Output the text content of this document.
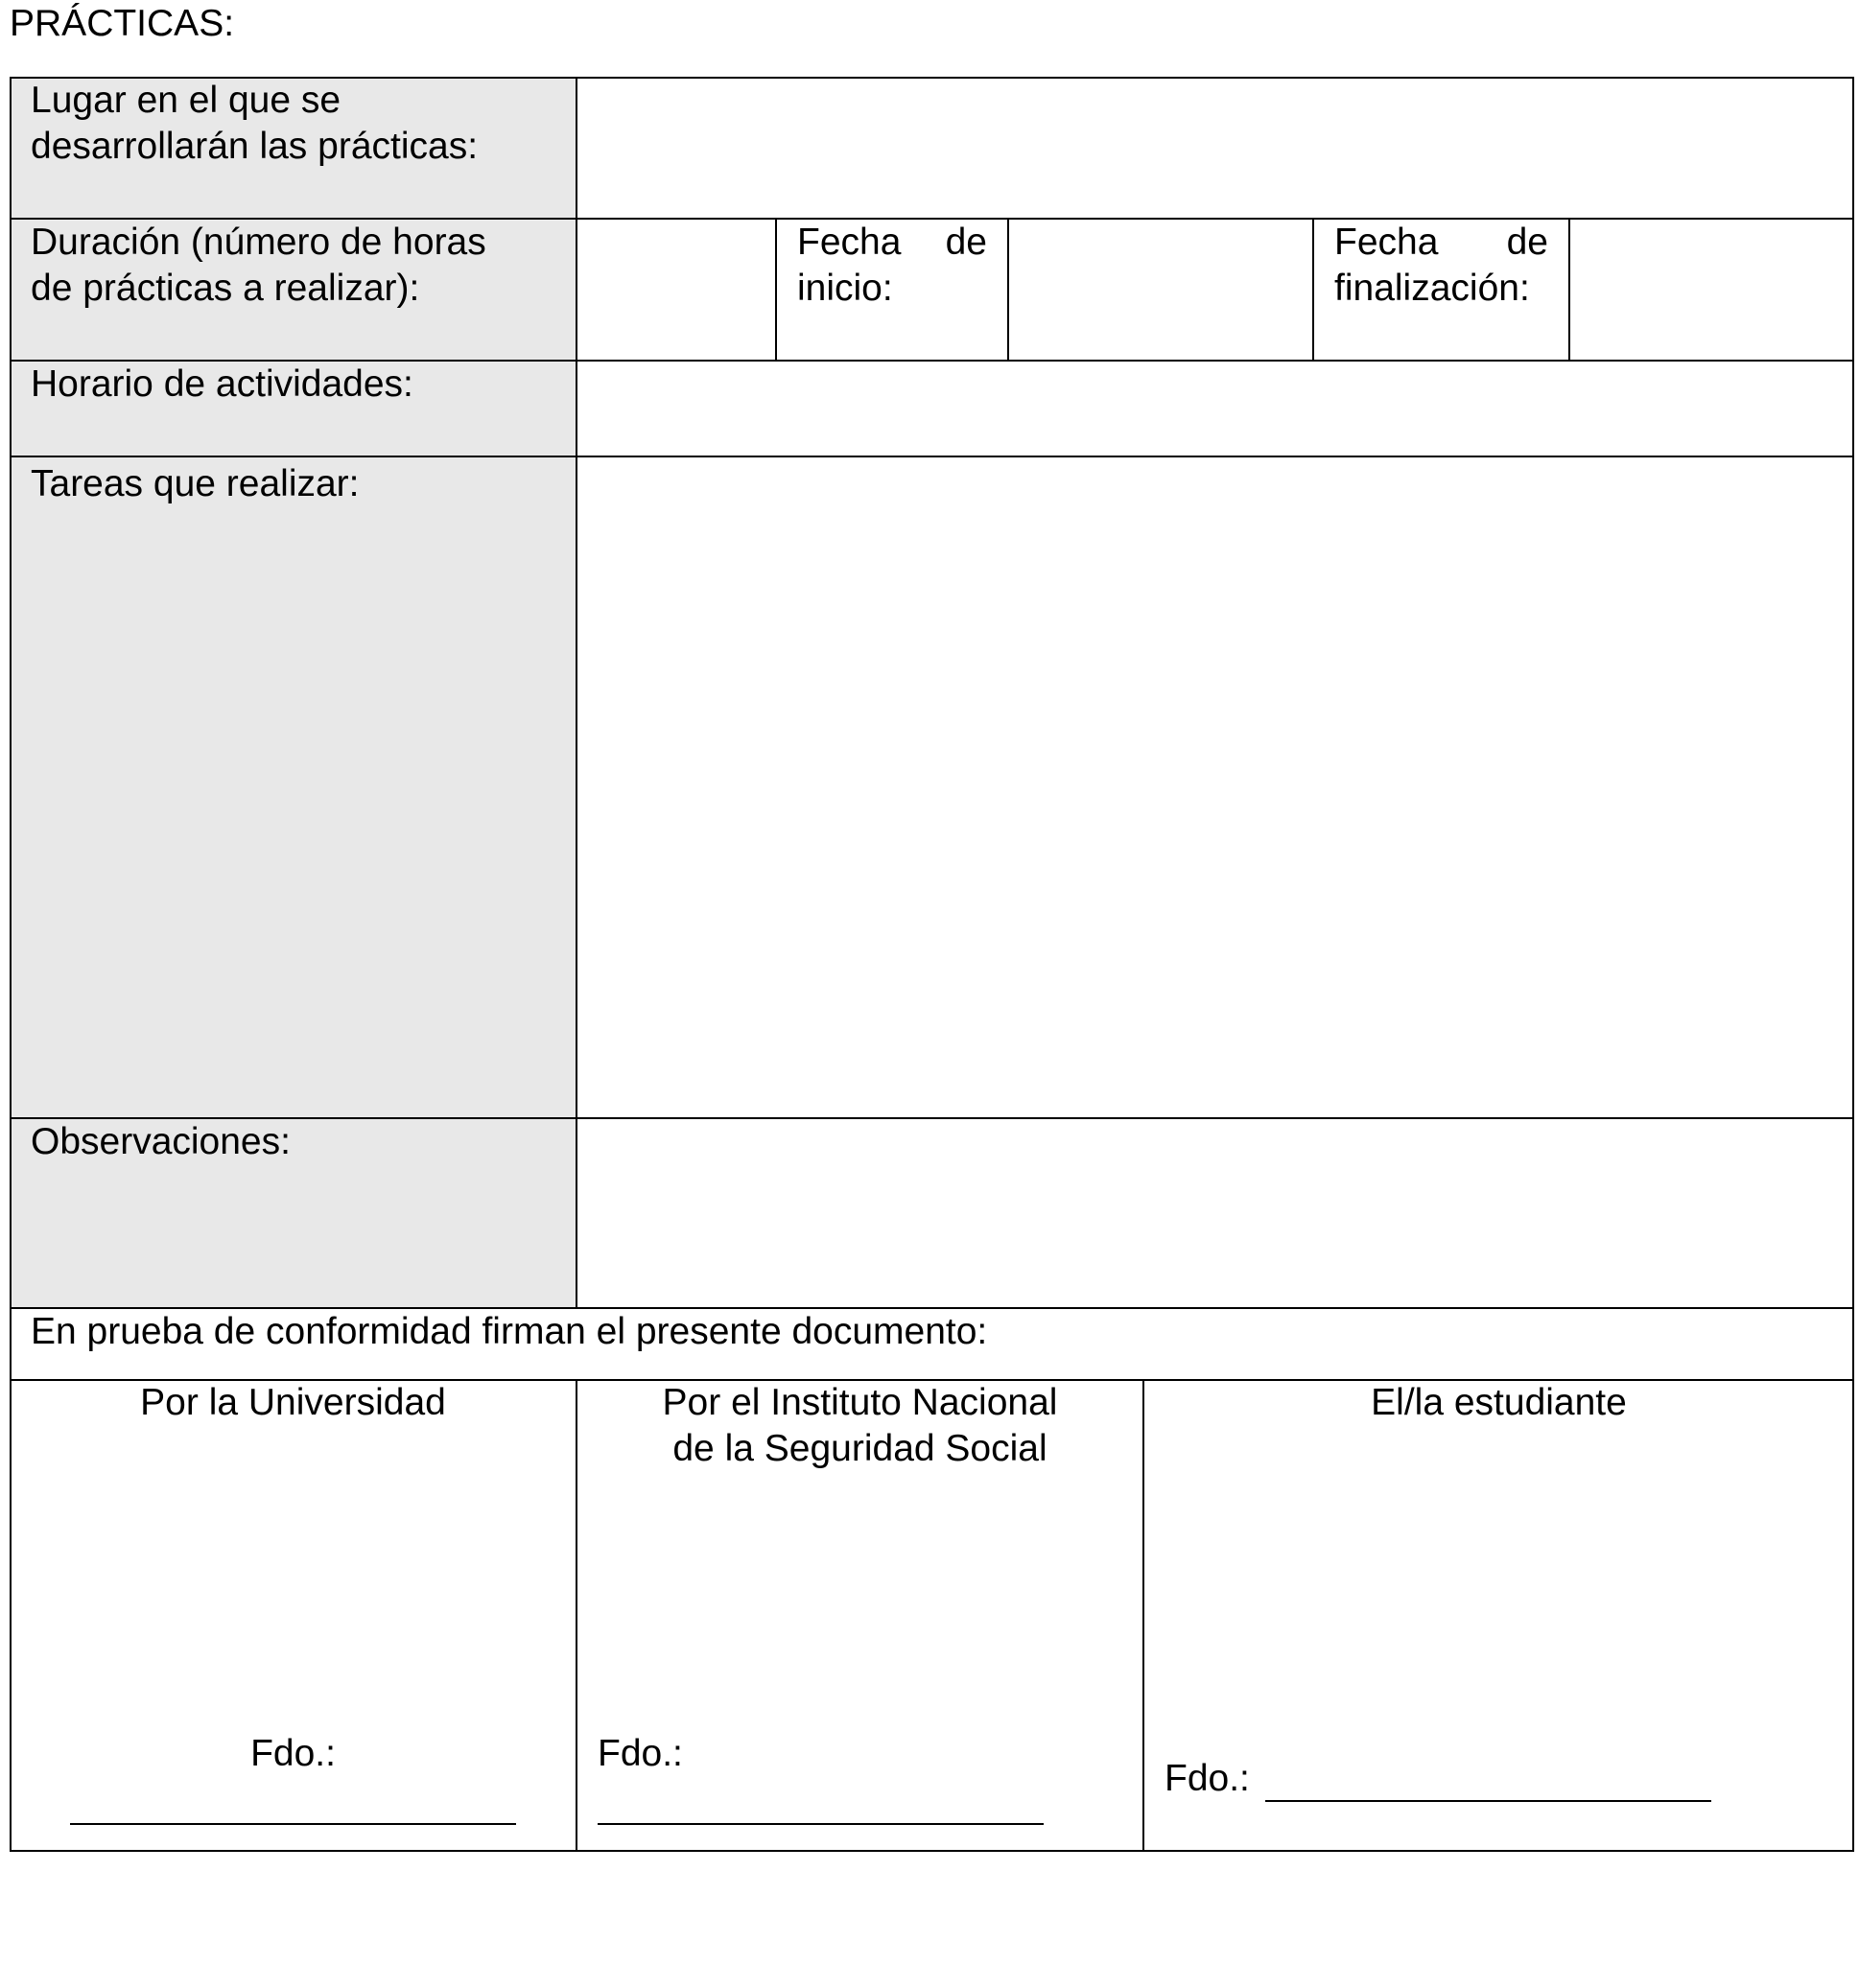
PRÁCTICAS:
Lugar en el que se
desarrollarán las prácticas:
Duración (número de horas
de prácticas a realizar):
Fecha de
inicio:
Fecha de
finalización:
Horario de actividades:
Tareas que realizar:
Observaciones:
En prueba de conformidad firman el presente documento:
Por la Universidad
Fdo.:
Por el Instituto Nacional
de la Seguridad Social
Fdo.:
El/la estudiante
Fdo.:
